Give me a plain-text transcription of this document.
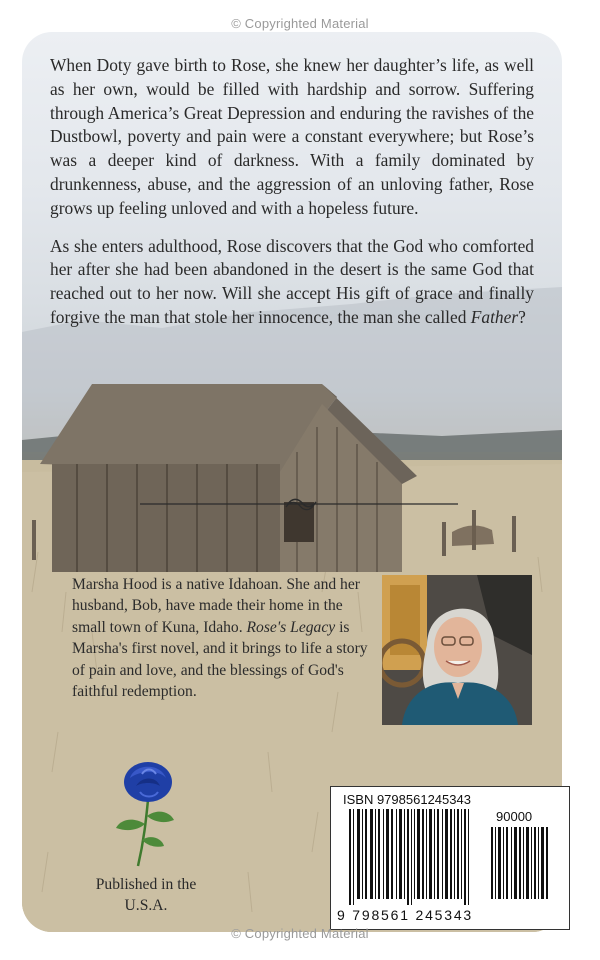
© Copyrighted Material

When Doty gave birth to Rose, she knew her daughter’s life, as well as her own, would be filled with hardship and sorrow. Suffering through America’s Great Depression and enduring the ravishes of the Dustbowl, poverty and pain were a constant everywhere; but Rose’s was a deeper kind of darkness. With a family dominated by drunkenness, abuse, and the aggression of an unloving father, Rose grows up feeling unloved and with a hopeless future.

As she enters adulthood, Rose discovers that the God who comforted her after she had been abandoned in the desert is the same God that reached out to her now. Will she accept His gift of grace and finally forgive the man that stole her innocence, the man she called Father?

Marsha Hood is a native Idahoan. She and her husband, Bob, have made their home in the small town of Kuna, Idaho. Rose's Legacy is Marsha's first novel, and it brings to life a story of pain and love, and the blessings of God's faithful redemption.
Published in the
U.S.A.
ISBN 9798561245343
90000
9 798561 245343
© Copyrighted Material
